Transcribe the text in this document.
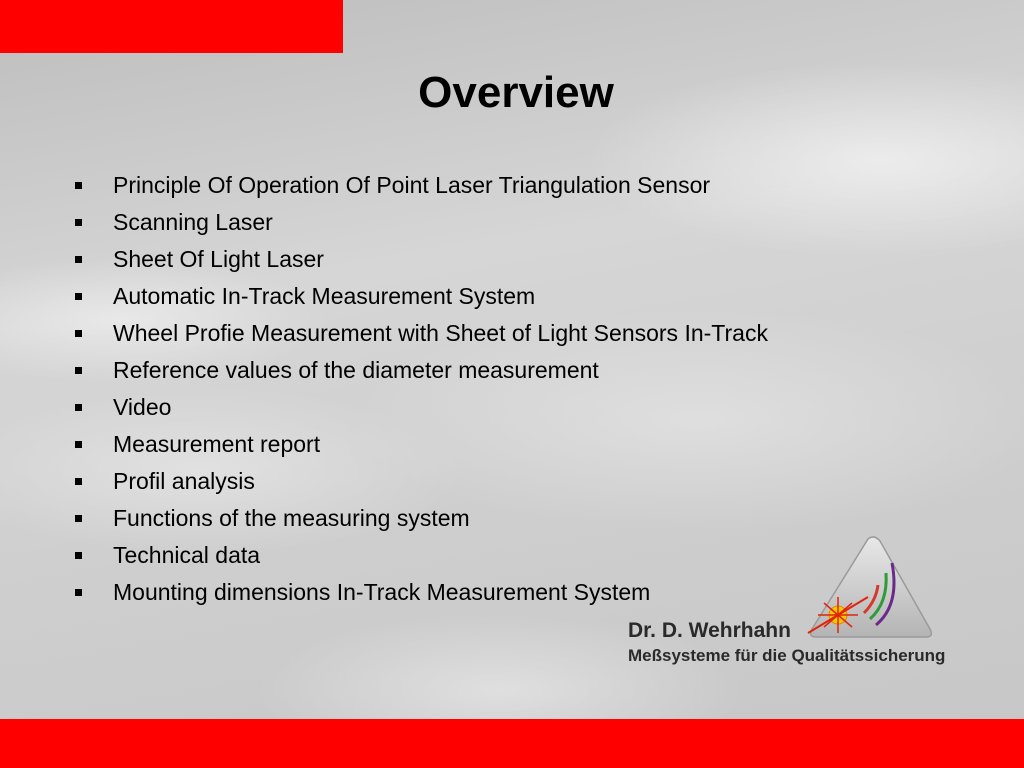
Overview
Principle Of Operation Of Point Laser Triangulation Sensor
Scanning Laser
Sheet Of Light Laser
Automatic In-Track Measurement System
Wheel Profie Measurement with Sheet of Light Sensors In-Track
Reference values of the diameter measurement
Video
Measurement report
Profil analysis
Functions of the measuring system
Technical data
Mounting dimensions In-Track Measurement System
Dr. D. Wehrhahn
Meßsysteme für die Qualitätssicherung
